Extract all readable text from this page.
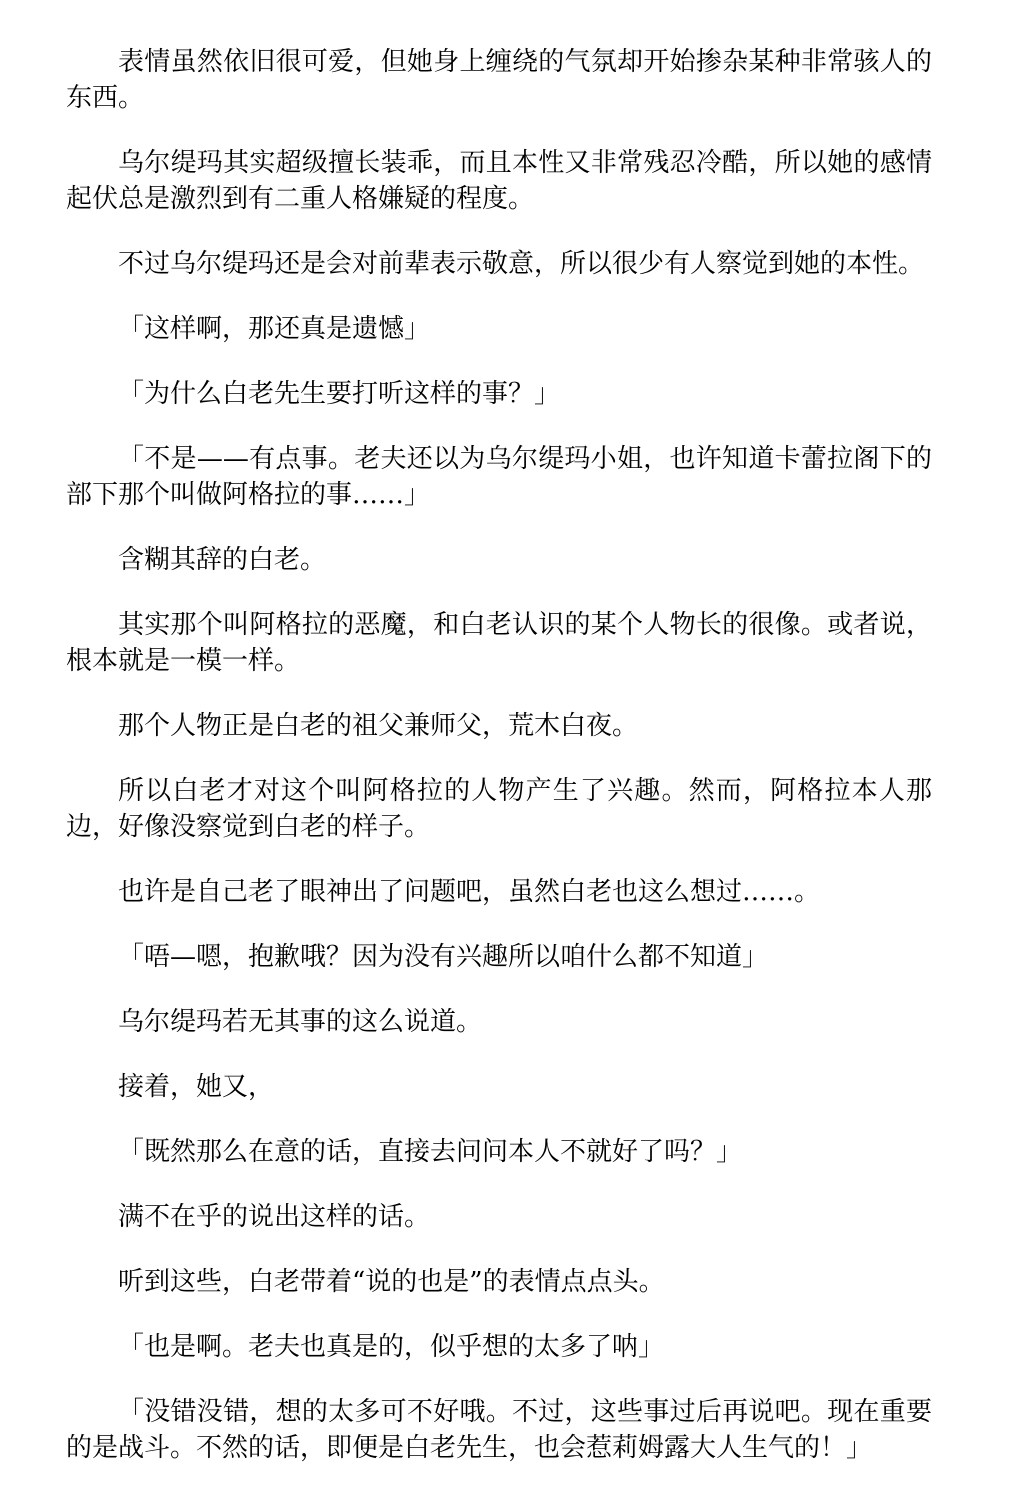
表情虽然依旧很可爱，但她身上缠绕的气氛却开始掺杂某种非常骇人的东西。

乌尔缇玛其实超级擅长装乖，而且本性又非常残忍冷酷，所以她的感情起伏总是激烈到有二重人格嫌疑的程度。

不过乌尔缇玛还是会对前辈表示敬意，所以很少有人察觉到她的本性。

「这样啊，那还真是遗憾」

「为什么白老先生要打听这样的事？」

「不是——有点事。老夫还以为乌尔缇玛小姐，也许知道卡蕾拉阁下的部下那个叫做阿格拉的事……」

含糊其辞的白老。

其实那个叫阿格拉的恶魔，和白老认识的某个人物长的很像。或者说，根本就是一模一样。

那个人物正是白老的祖父兼师父，荒木白夜。

所以白老才对这个叫阿格拉的人物产生了兴趣。然而，阿格拉本人那边，好像没察觉到白老的样子。

也许是自己老了眼神出了问题吧，虽然白老也这么想过……。

「唔—嗯，抱歉哦？因为没有兴趣所以咱什么都不知道」

乌尔缇玛若无其事的这么说道。

接着，她又，

「既然那么在意的话，直接去问问本人不就好了吗？」

满不在乎的说出这样的话。

听到这些，白老带着“说的也是”的表情点点头。

「也是啊。老夫也真是的，似乎想的太多了呐」

「没错没错，想的太多可不好哦。不过，这些事过后再说吧。现在重要的是战斗。不然的话，即便是白老先生，也会惹莉姆露大人生气的！」
